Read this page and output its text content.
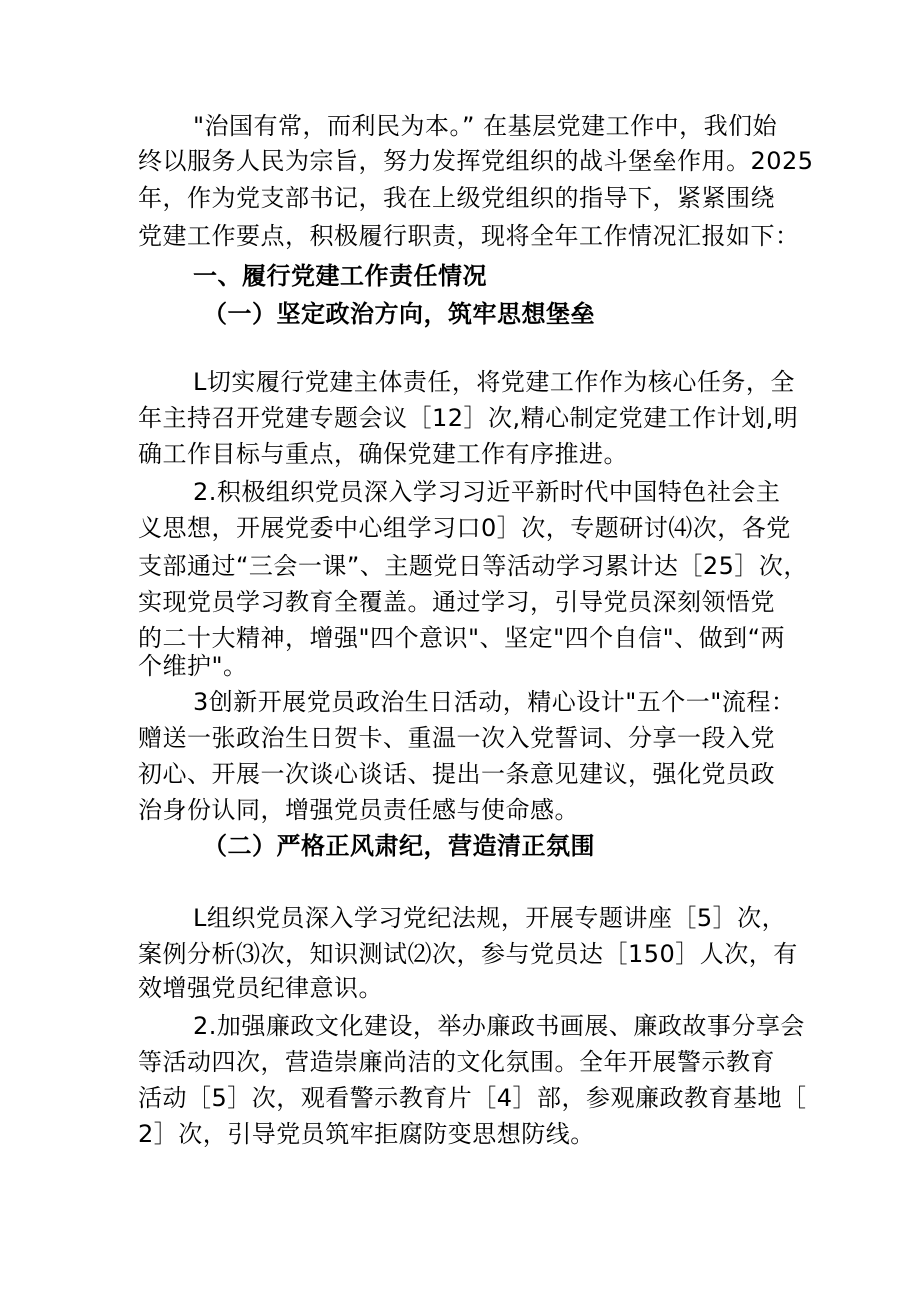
"治国有常，而利民为本。” 在基层党建工作中，我们始
终以服务人民为宗旨，努力发挥党组织的战斗堡垒作用。2025
年，作为党支部书记，我在上级党组织的指导下，紧紧围绕
党建工作要点，积极履行职责，现将全年工作情况汇报如下：
一、履行党建工作责任情况
（一）坚定政治方向，筑牢思想堡垒
L切实履行党建主体责任，将党建工作作为核心任务，全
年主持召开党建专题会议［12］次,精心制定党建工作计划,明
确工作目标与重点，确保党建工作有序推进。
2.积极组织党员深入学习习近平新时代中国特色社会主
义思想，开展党委中心组学习口0］次，专题研讨⑷次，各党
支部通过“三会一课”、主题党日等活动学习累计达［25］次，
实现党员学习教育全覆盖。通过学习，引导党员深刻领悟党
的二十大精神，增强"四个意识"、坚定"四个自信"、做到“两
个维护"。
3创新开展党员政治生日活动，精心设计"五个一"流程：
赠送一张政治生日贺卡、重温一次入党誓词、分享一段入党
初心、开展一次谈心谈话、提出一条意见建议，强化党员政
治身份认同，增强党员责任感与使命感。
（二）严格正风肃纪，营造清正氛围
L组织党员深入学习党纪法规，开展专题讲座［5］次，
案例分析⑶次，知识测试⑵次，参与党员达［150］人次，有
效增强党员纪律意识。
2.加强廉政文化建设，举办廉政书画展、廉政故事分享会
等活动四次，营造崇廉尚洁的文化氛围。全年开展警示教育
活动［5］次，观看警示教育片［4］部，参观廉政教育基地［
2］次，引导党员筑牢拒腐防变思想防线。
